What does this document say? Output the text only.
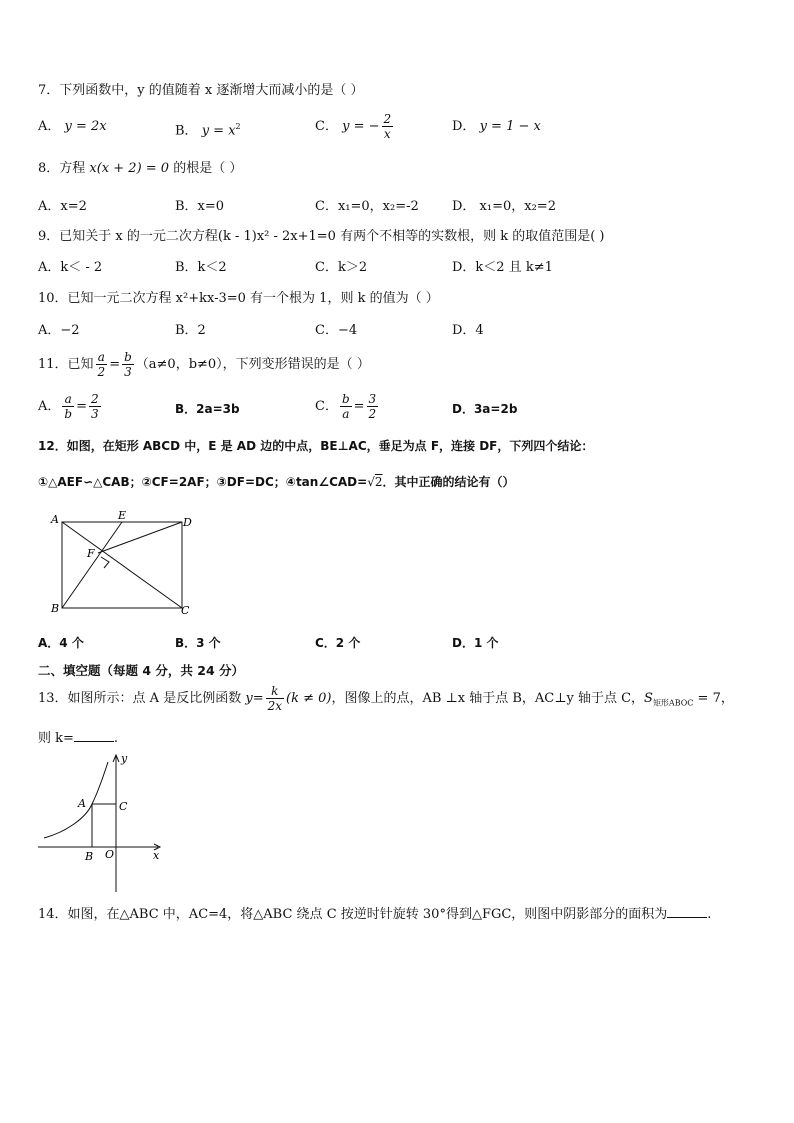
7．下列函数中，y 的值随着 x 逐渐增大而减小的是（ ）
A． y = 2x	B． $y = x^2$	C． y = − $\frac{2}{x}$	D． y = 1 − x
8．方程 x(x + 2) = 0 的根是（ ）
A．x=2	B．x=0	C．x₁=0，x₂=-2	D． x₁=0，x₂=2
9．已知关于 x 的一元二次方程(k - 1)x² - 2x+1=0 有两个不相等的实数根，则 k 的取值范围是( )
A．k＜ - 2	B．k＜2	C．k＞2	D．k＜2 且 k≠1
10．已知一元二次方程 x²+kx-3=0 有一个根为 1，则 k 的值为（ ）
A．−2	B．2	C．−4	D．4
11．已知 $\frac{a}{2} = \frac{b}{3} (a\ne 0$，b≠0），下列变形错误的是（ ）
A． $\frac{a}{b} = \frac{2}{3}$	B．2a=3b	C． $\frac{b}{a} = \frac{3}{2}$	D．3a=2b
12．如图，在矩形 ABCD 中，E 是 AD 边的中点，BE⊥AC，垂足为点 F，连接 DF，下列四个结论：
①△AEF∽△CAB；②CF=2AF；③DF=DC；④tan∠CAD=√2．其中正确的结论有（）
A	E
D
F
B	C
A．4 个	B．3 个	C．2 个	D．1 个
二、填空题（每题 4 分，共 24 分）
13．如图所示：点 A 是反比例函数 $y= \frac{k}{2x} (k \ne 0)$，图像上的点，AB ⊥x 轴于点 B，AC⊥y 轴于点 C，$S_{矩形ABOC} = 7$，
则 k=	.
y
A	C
B O	x
14．如图，在△ABC 中，AC=4，将△ABC 绕点 C 按逆时针旋转 30°得到△FGC，则图中阴影部分的面积为	.
